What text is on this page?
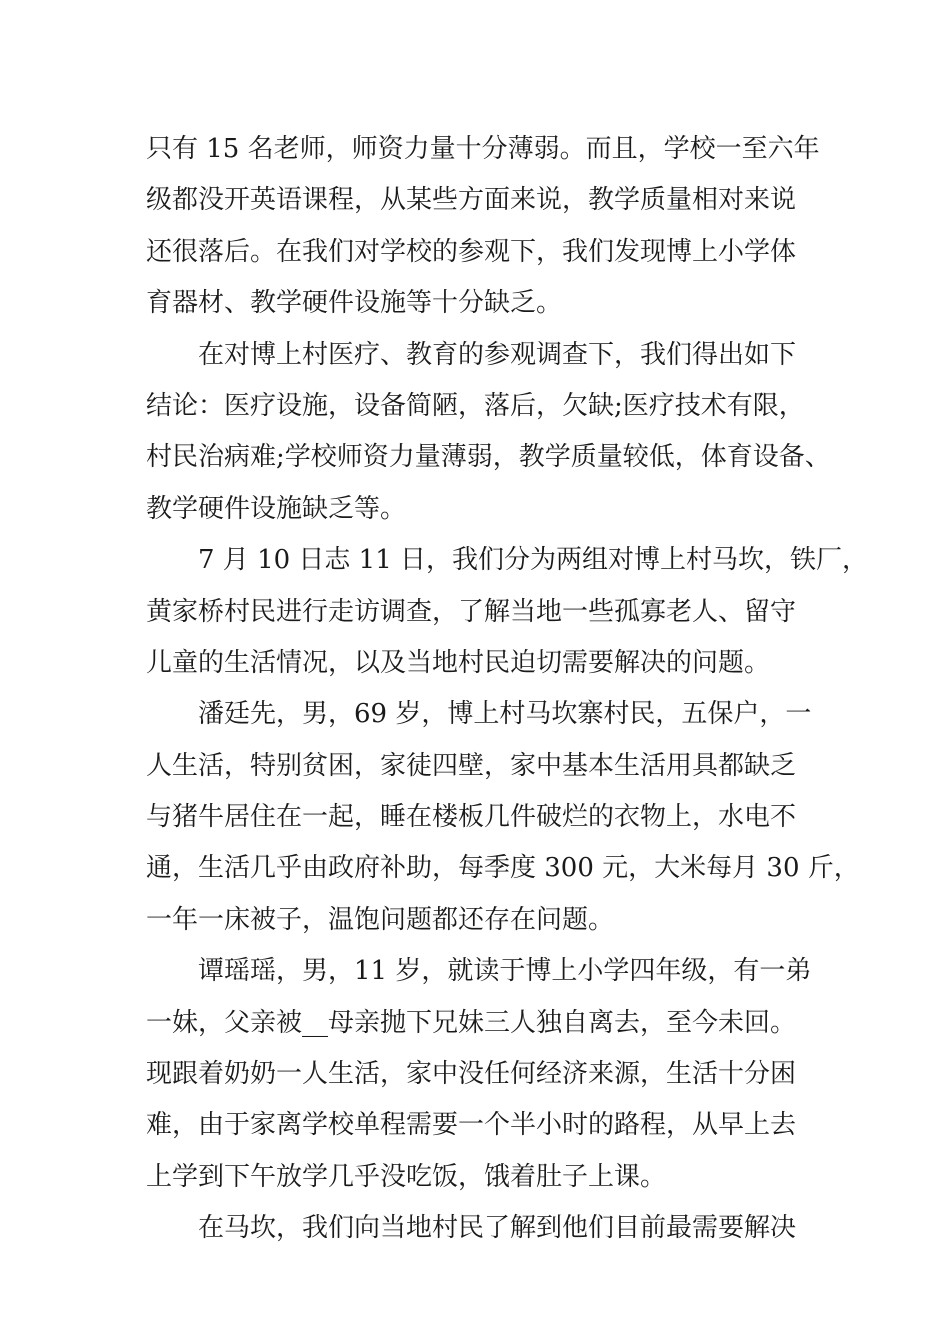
只有 15 名老师，师资力量十分薄弱。而且，学校一至六年
级都没开英语课程，从某些方面来说，教学质量相对来说
还很落后。在我们对学校的参观下，我们发现博上小学体
育器材、教学硬件设施等十分缺乏。
在对博上村医疗、教育的参观调查下，我们得出如下
结论：医疗设施，设备简陋，落后，欠缺;医疗技术有限，
村民治病难;学校师资力量薄弱，教学质量较低，体育设备、
教学硬件设施缺乏等。
7 月 10 日志 11 日，我们分为两组对博上村马坎，铁厂，
黄家桥村民进行走访调查，了解当地一些孤寡老人、留守
儿童的生活情况，以及当地村民迫切需要解决的问题。
潘廷先，男，69 岁，博上村马坎寨村民，五保户，一
人生活，特别贫困，家徒四壁，家中基本生活用具都缺乏
与猪牛居住在一起，睡在楼板几件破烂的衣物上，水电不
通，生活几乎由政府补助，每季度 300 元，大米每月 30 斤，
一年一床被子，温饱问题都还存在问题。
谭瑶瑶，男，11 岁，就读于博上小学四年级，有一弟
一妹，父亲被__母亲抛下兄妹三人独自离去，至今未回。
现跟着奶奶一人生活，家中没任何经济来源，生活十分困
难，由于家离学校单程需要一个半小时的路程，从早上去
上学到下午放学几乎没吃饭，饿着肚子上课。
在马坎，我们向当地村民了解到他们目前最需要解决
